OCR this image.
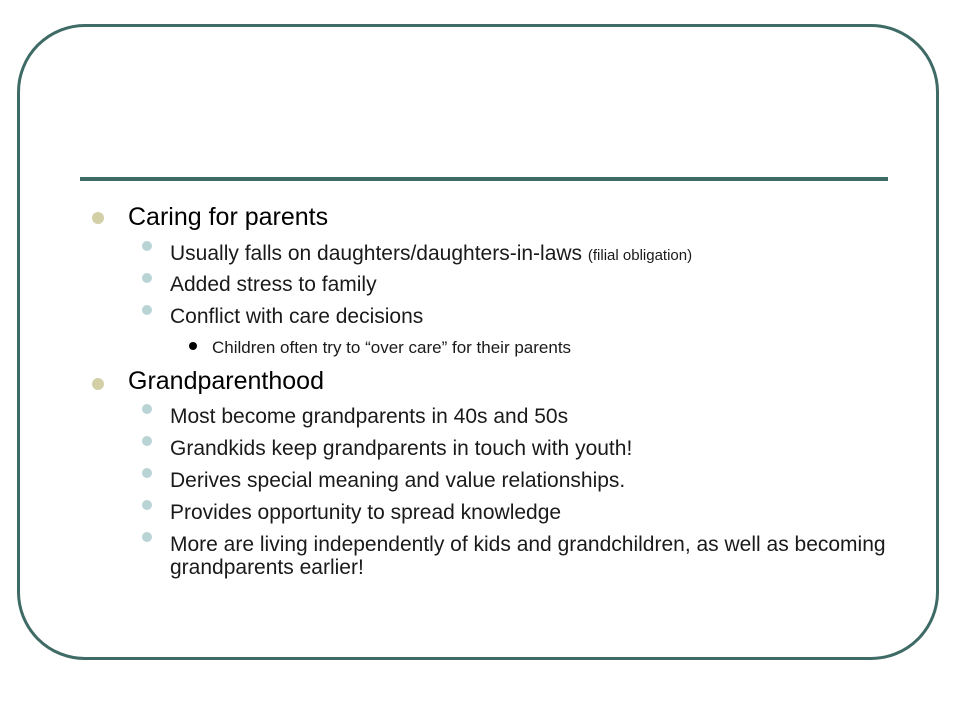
Caring for parents
Usually falls on daughters/daughters-in-laws (filial obligation)
Added stress to family
Conflict with care decisions
Children often try to “over care” for their parents
Grandparenthood
Most become grandparents in 40s and 50s
Grandkids keep grandparents in touch with youth!
Derives special meaning and value relationships.
Provides opportunity to spread knowledge
More are living independently of kids and grandchildren, as well as becoming grandparents earlier!
